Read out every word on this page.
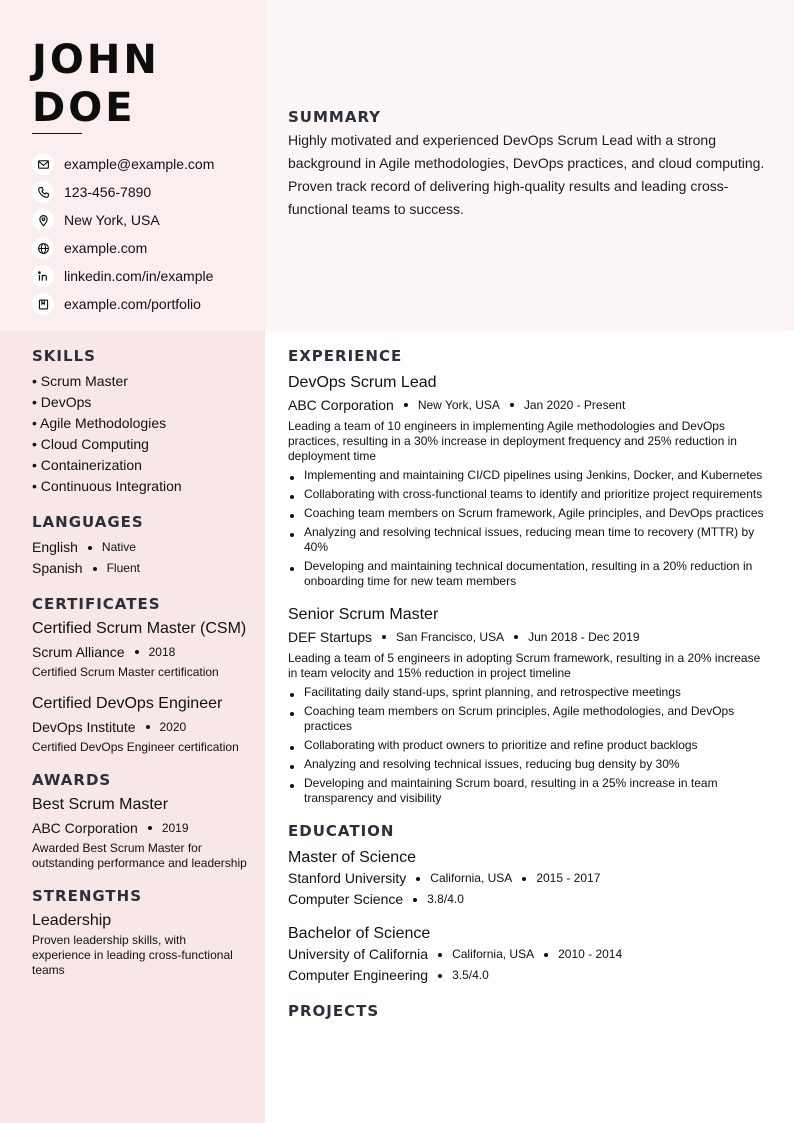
JOHN
DOE
example@example.com
123-456-7890
New York, USA
example.com
linkedin.com/in/example
example.com/portfolio
SUMMARY

Highly motivated and experienced DevOps Scrum Lead with a strong background in Agile methodologies, DevOps practices, and cloud computing. Proven track record of delivering high-quality results and leading cross-functional teams to success.

SKILLS
• Scrum Master
• DevOps
• Agile Methodologies
• Cloud Computing
• Containerization
• Continuous Integration
LANGUAGES
English Native
Spanish Fluent
CERTIFICATES
Certified Scrum Master (CSM)
Scrum Alliance 2018
Certified Scrum Master certification
Certified DevOps Engineer
DevOps Institute 2020
Certified DevOps Engineer certification
AWARDS
Best Scrum Master
ABC Corporation 2019
Awarded Best Scrum Master for outstanding performance and leadership
STRENGTHS
Leadership
Proven leadership skills, with experience in leading cross-functional teams
EXPERIENCE
DevOps Scrum Lead
ABC Corporation New York, USA Jan 2020 - Present
Leading a team of 10 engineers in implementing Agile methodologies and DevOps practices, resulting in a 30% increase in deployment frequency and 25% reduction in deployment time
Implementing and maintaining CI/CD pipelines using Jenkins, Docker, and Kubernetes
Collaborating with cross-functional teams to identify and prioritize project requirements
Coaching team members on Scrum framework, Agile principles, and DevOps practices
Analyzing and resolving technical issues, reducing mean time to recovery (MTTR) by 40%
Developing and maintaining technical documentation, resulting in a 20% reduction in onboarding time for new team members
Senior Scrum Master
DEF Startups San Francisco, USA Jun 2018 - Dec 2019
Leading a team of 5 engineers in adopting Scrum framework, resulting in a 20% increase in team velocity and 15% reduction in project timeline
Facilitating daily stand-ups, sprint planning, and retrospective meetings
Coaching team members on Scrum principles, Agile methodologies, and DevOps practices
Collaborating with product owners to prioritize and refine product backlogs
Analyzing and resolving technical issues, reducing bug density by 30%
Developing and maintaining Scrum board, resulting in a 25% increase in team transparency and visibility
EDUCATION
Master of Science
Stanford University California, USA 2015 - 2017
Computer Science 3.8/4.0
Bachelor of Science
University of California California, USA 2010 - 2014
Computer Engineering 3.5/4.0
PROJECTS
